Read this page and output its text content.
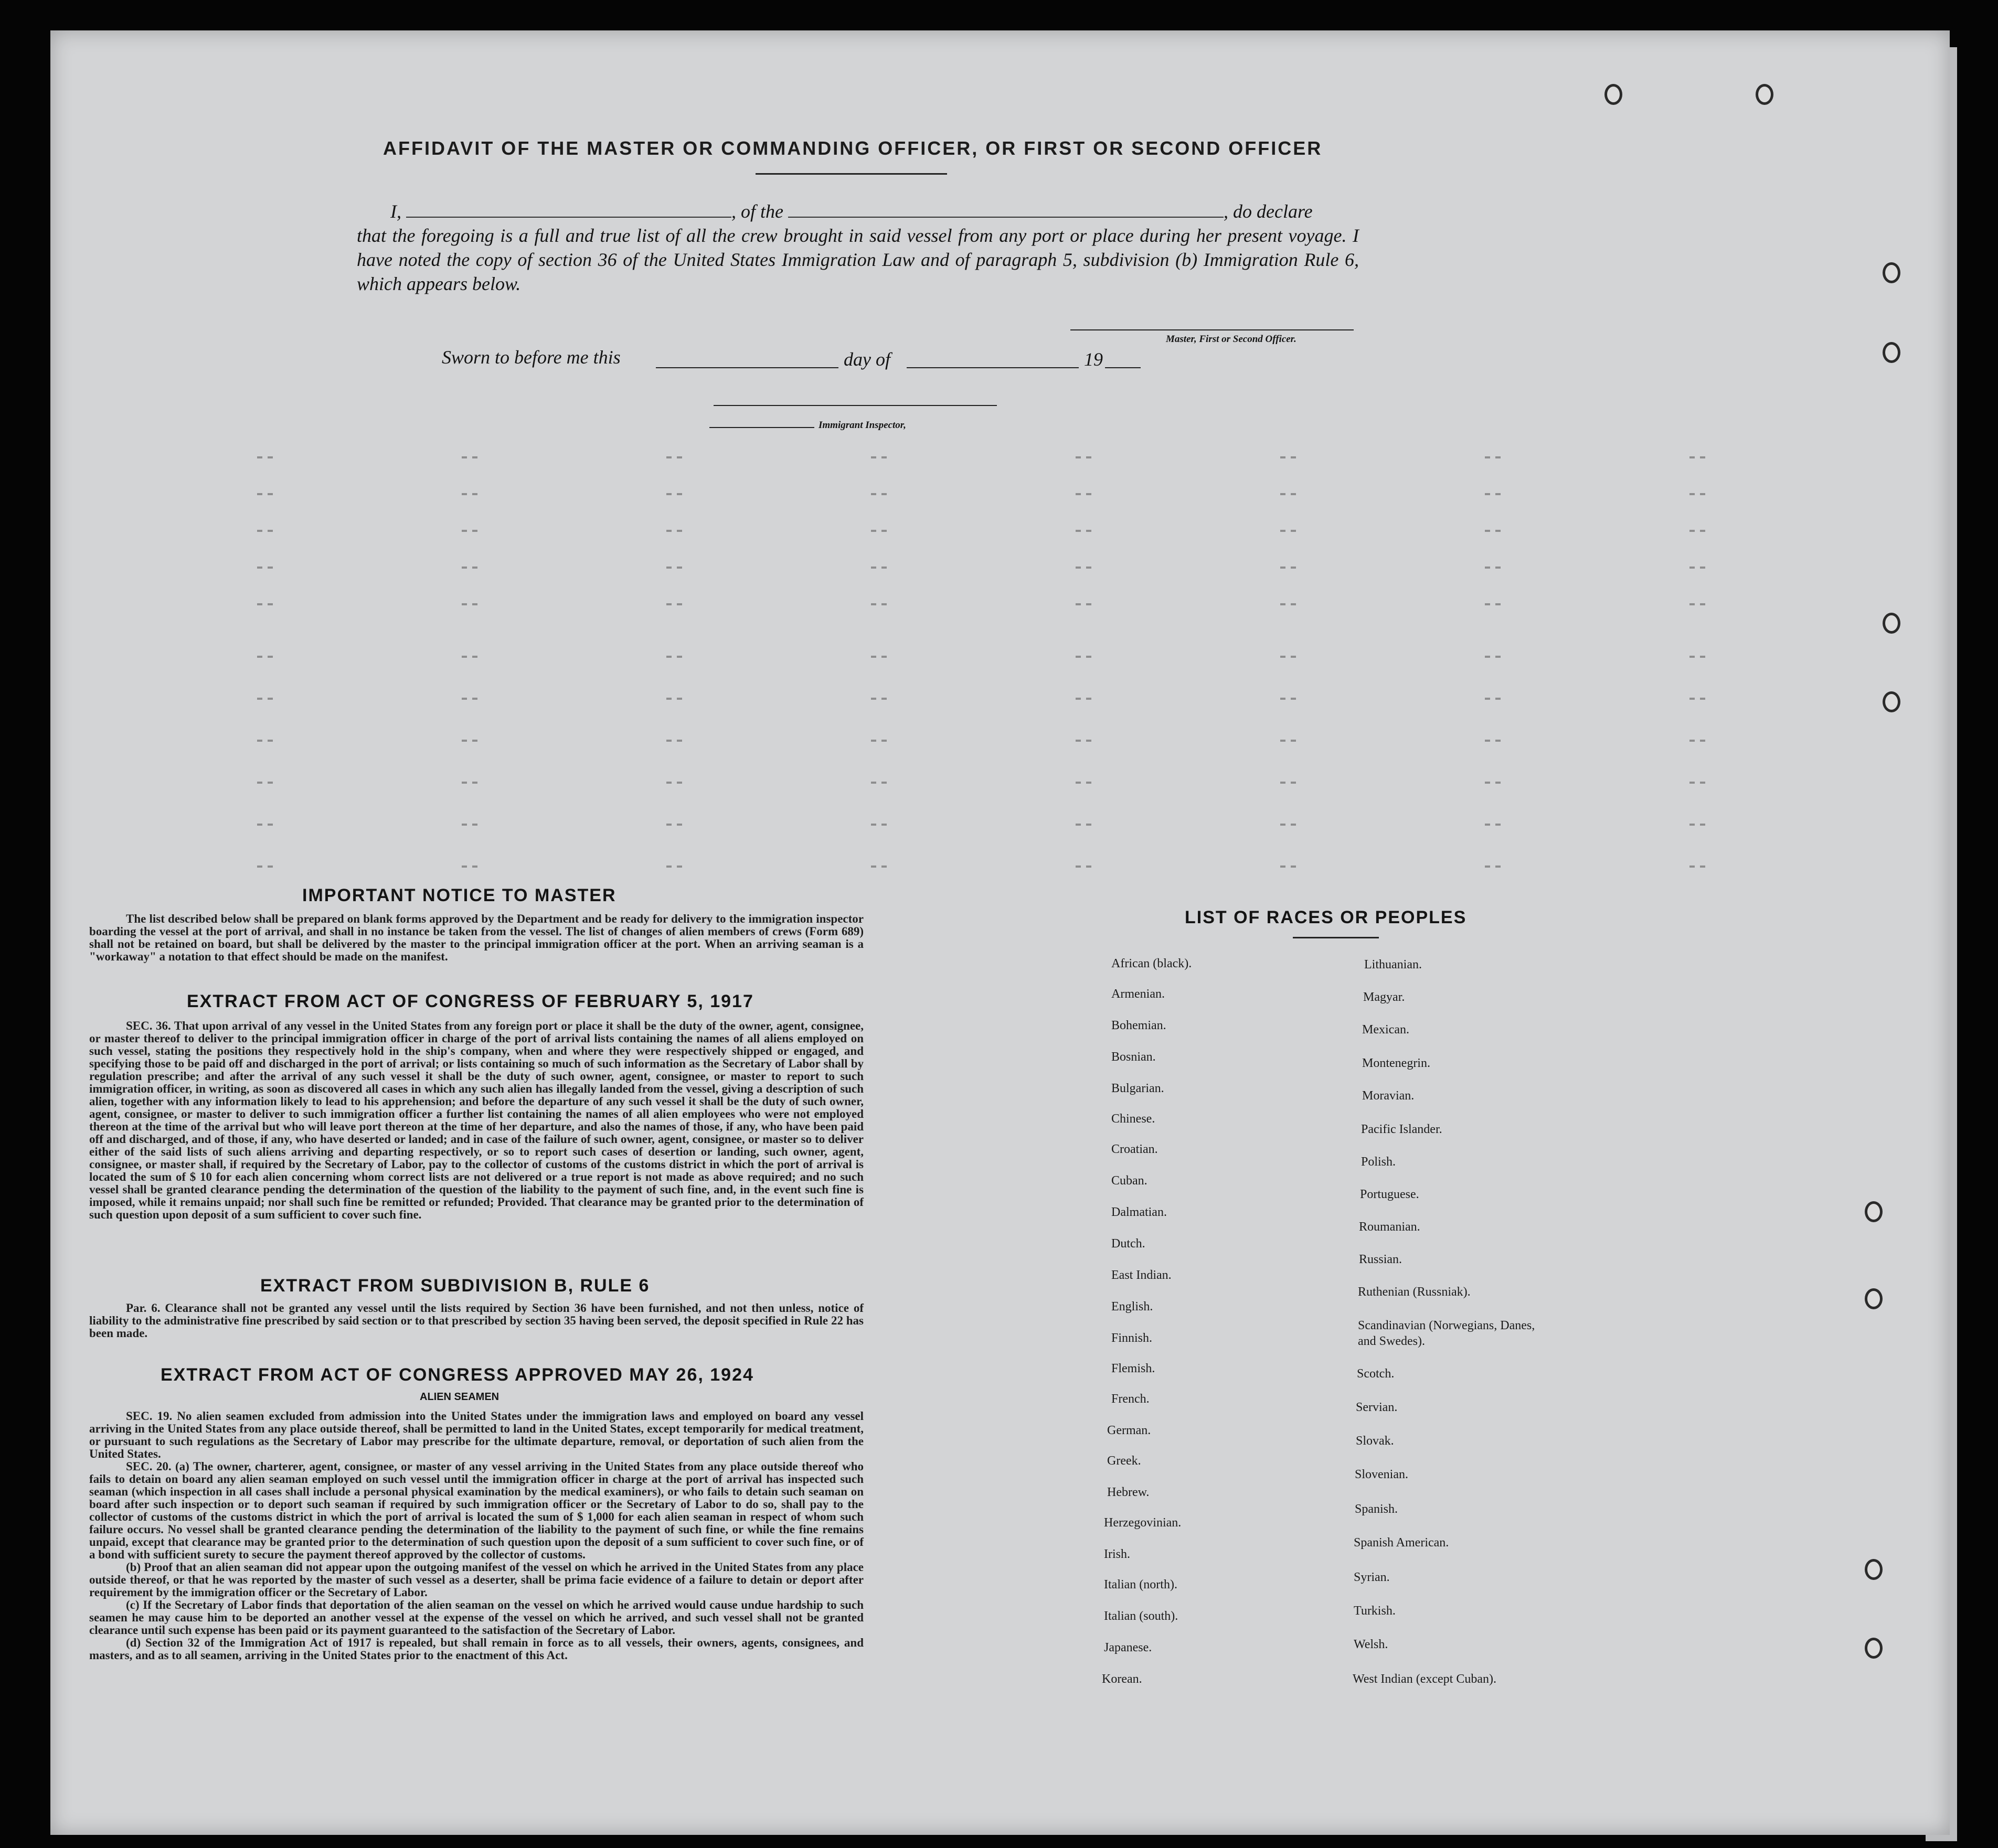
AFFIDAVIT OF THE MASTER OR COMMANDING OFFICER, OR FIRST OR SECOND OFFICER

I,	, of the	, do declare

that the foregoing is a full and true list of all the crew brought in said vessel from any port or place during her present voyage. I have noted the copy of section 36 of the United States Immigration Law and of paragraph 5, subdivision (b) Immigration Rule 6, which appears below.

Master, First or Second Officer.
Sworn to before me this	day of	19
Immigrant Inspector,
IMPORTANT NOTICE TO MASTER

The list described below shall be prepared on blank forms approved by the Department and be ready for delivery to the immigration inspector boarding the vessel at the port of arrival, and shall in no instance be taken from the vessel. The list of changes of alien members of crews (Form 689) shall not be retained on board, but shall be delivered by the master to the principal immigration officer at the port. When an arriving seaman is a "workaway" a notation to that effect should be made on the manifest.

EXTRACT FROM ACT OF CONGRESS OF FEBRUARY 5, 1917

SEC. 36. That upon arrival of any vessel in the United States from any foreign port or place it shall be the duty of the owner, agent, consignee, or master thereof to deliver to the principal immigration officer in charge of the port of arrival lists containing the names of all aliens employed on such vessel, stating the positions they respectively hold in the ship's company, when and where they were respectively shipped or engaged, and specifying those to be paid off and discharged in the port of arrival; or lists containing so much of such information as the Secretary of Labor shall by regulation prescribe; and after the arrival of any such vessel it shall be the duty of such owner, agent, consignee, or master to report to such immigration officer, in writing, as soon as discovered all cases in which any such alien has illegally landed from the vessel, giving a description of such alien, together with any information likely to lead to his apprehension; and before the departure of any such vessel it shall be the duty of such owner, agent, consignee, or master to deliver to such immigration officer a further list containing the names of all alien employees who were not employed thereon at the time of the arrival but who will leave port thereon at the time of her departure, and also the names of those, if any, who have been paid off and discharged, and of those, if any, who have deserted or landed; and in case of the failure of such owner, agent, consignee, or master so to deliver either of the said lists of such aliens arriving and departing respectively, or so to report such cases of desertion or landing, such owner, agent, consignee, or master shall, if required by the Secretary of Labor, pay to the collector of customs of the customs district in which the port of arrival is located the sum of $ 10 for each alien concerning whom correct lists are not delivered or a true report is not made as above required; and no such vessel shall be granted clearance pending the determination of the question of the liability to the payment of such fine, and, in the event such fine is imposed, while it remains unpaid; nor shall such fine be remitted or refunded; Provided. That clearance may be granted prior to the determination of such question upon deposit of a sum sufficient to cover such fine.

EXTRACT FROM SUBDIVISION B, RULE 6

Par. 6. Clearance shall not be granted any vessel until the lists required by Section 36 have been furnished, and not then unless, notice of liability to the administrative fine prescribed by said section or to that prescribed by section 35 having been served, the deposit specified in Rule 22 has been made.

EXTRACT FROM ACT OF CONGRESS APPROVED MAY 26, 1924
ALIEN SEAMEN

SEC. 19. No alien seamen excluded from admission into the United States under the immigration laws and employed on board any vessel arriving in the United States from any place outside thereof, shall be permitted to land in the United States, except temporarily for medical treatment, or pursuant to such regulations as the Secretary of Labor may prescribe for the ultimate departure, removal, or deportation of such alien from the United States.

SEC. 20. (a) The owner, charterer, agent, consignee, or master of any vessel arriving in the United States from any place outside thereof who fails to detain on board any alien seaman employed on such vessel until the immigration officer in charge at the port of arrival has inspected such seaman (which inspection in all cases shall include a personal physical examination by the medical examiners), or who fails to detain such seaman on board after such inspection or to deport such seaman if required by such immigration officer or the Secretary of Labor to do so, shall pay to the collector of customs of the customs district in which the port of arrival is located the sum of $ 1,000 for each alien seaman in respect of whom such failure occurs. No vessel shall be granted clearance pending the determination of the liability to the payment of such fine, or while the fine remains unpaid, except that clearance may be granted prior to the determination of such question upon the deposit of a sum sufficient to cover such fine, or of a bond with sufficient surety to secure the payment thereof approved by the collector of customs.

(b) Proof that an alien seaman did not appear upon the outgoing manifest of the vessel on which he arrived in the United States from any place outside thereof, or that he was reported by the master of such vessel as a deserter, shall be prima facie evidence of a failure to detain or deport after requirement by the immigration officer or the Secretary of Labor.

(c) If the Secretary of Labor finds that deportation of the alien seaman on the vessel on which he arrived would cause undue hardship to such seamen he may cause him to be deported an another vessel at the expense of the vessel on which he arrived, and such vessel shall not be granted clearance until such expense has been paid or its payment guaranteed to the satisfaction of the Secretary of Labor.

(d) Section 32 of the Immigration Act of 1917 is repealed, but shall remain in force as to all vessels, their owners, agents, consignees, and masters, and as to all seamen, arriving in the United States prior to the enactment of this Act.

LIST OF RACES OR PEOPLES
African (black).
Armenian.
Bohemian.
Bosnian.
Bulgarian.
Chinese.
Croatian.
Cuban.
Dalmatian.
Dutch.
East Indian.
English.
Finnish.
Flemish.
French.
German.
Greek.
Hebrew.
Herzegovinian.
Irish.
Italian (north).
Italian (south).
Japanese.
Korean.
Lithuanian.
Magyar.
Mexican.
Montenegrin.
Moravian.
Pacific Islander.
Polish.
Portuguese.
Roumanian.
Russian.
Ruthenian (Russniak).
Scandinavian (Norwegians, Danes, and Swedes).
Scotch.
Servian.
Slovak.
Slovenian.
Spanish.
Spanish American.
Syrian.
Turkish.
Welsh.
West Indian (except Cuban).
